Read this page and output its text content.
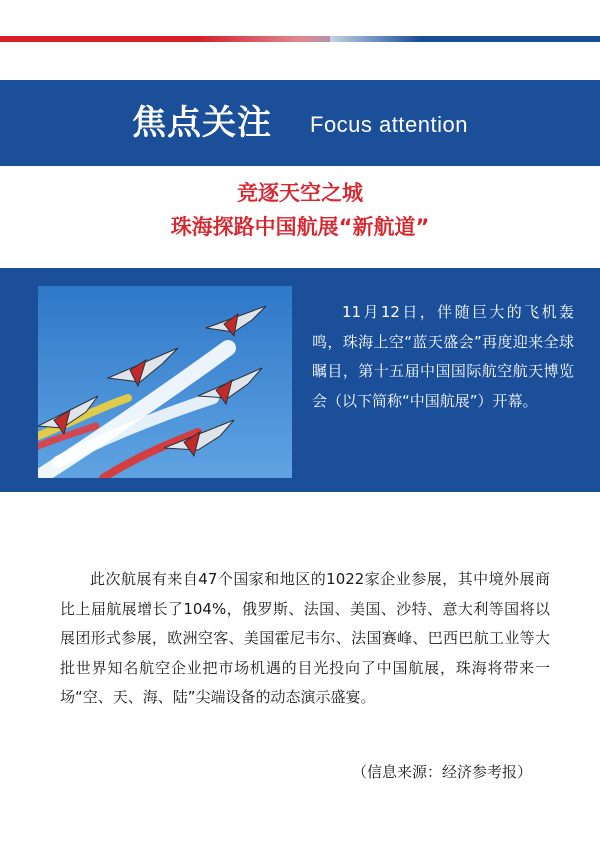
焦点关注 Focus attention
竞逐天空之城
珠海探路中国航展“新航道”
11月12日，伴随巨大的飞机轰鸣，珠海上空“蓝天盛会”再度迎来全球瞩目，第十五届中国国际航空航天博览会（以下简称“中国航展”）开幕。
此次航展有来自47个国家和地区的1022家企业参展，其中境外展商比上届航展增长了104%，俄罗斯、法国、美国、沙特、意大利等国将以展团形式参展，欧洲空客、美国霍尼韦尔、法国赛峰、巴西巴航工业等大批世界知名航空企业把市场机遇的目光投向了中国航展，珠海将带来一场“空、天、海、陆”尖端设备的动态演示盛宴。
（信息来源：经济参考报）
